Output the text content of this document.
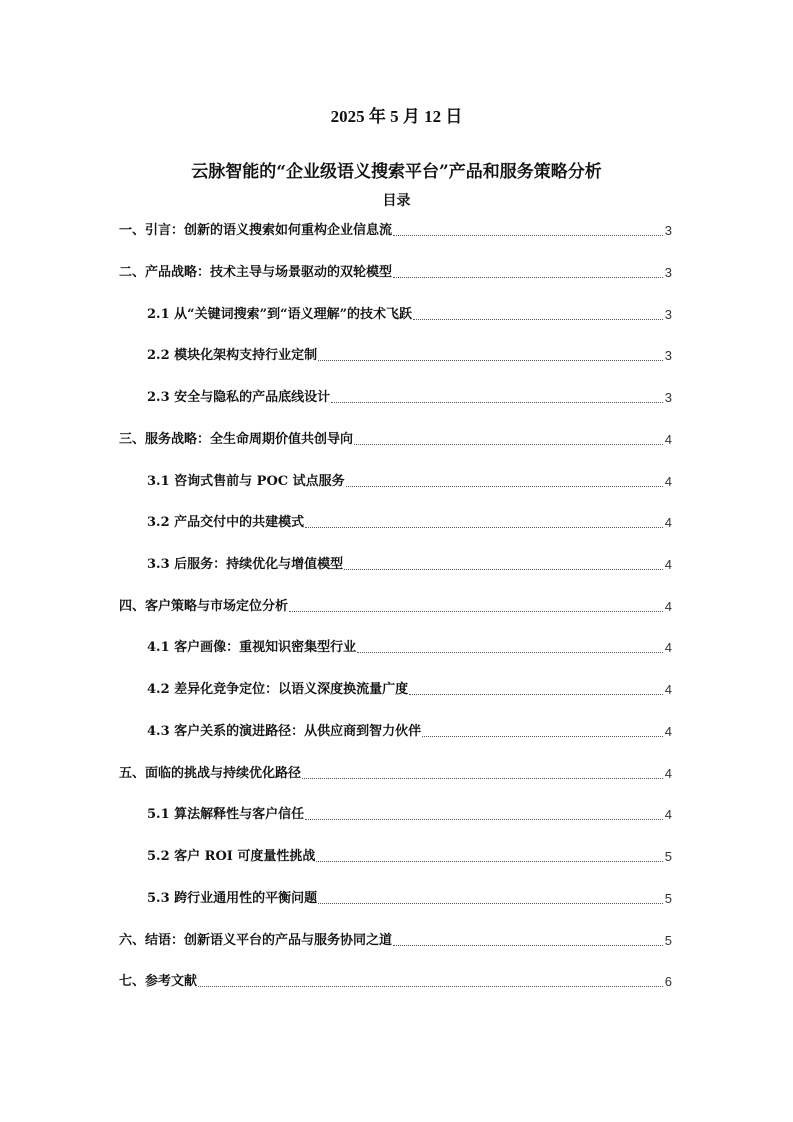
2025 年 5 月 12 日
云脉智能的“企业级语义搜索平台”产品和服务策略分析
目录
一、引言：创新的语义搜索如何重构企业信息流	3
二、产品战略：技术主导与场景驱动的双轮模型	3
2.1 从“关键词搜索”到“语义理解”的技术飞跃	3
2.2 模块化架构支持行业定制	3
2.3 安全与隐私的产品底线设计	3
三、服务战略：全生命周期价值共创导向	4
3.1 咨询式售前与 POC 试点服务	4
3.2 产品交付中的共建模式	4
3.3 后服务：持续优化与增值模型	4
四、客户策略与市场定位分析	4
4.1 客户画像：重视知识密集型行业	4
4.2 差异化竞争定位：以语义深度换流量广度	4
4.3 客户关系的演进路径：从供应商到智力伙伴	4
五、面临的挑战与持续优化路径	4
5.1 算法解释性与客户信任	4
5.2 客户 ROI 可度量性挑战	5
5.3 跨行业通用性的平衡问题	5
六、结语：创新语义平台的产品与服务协同之道	5
七、参考文献	6
